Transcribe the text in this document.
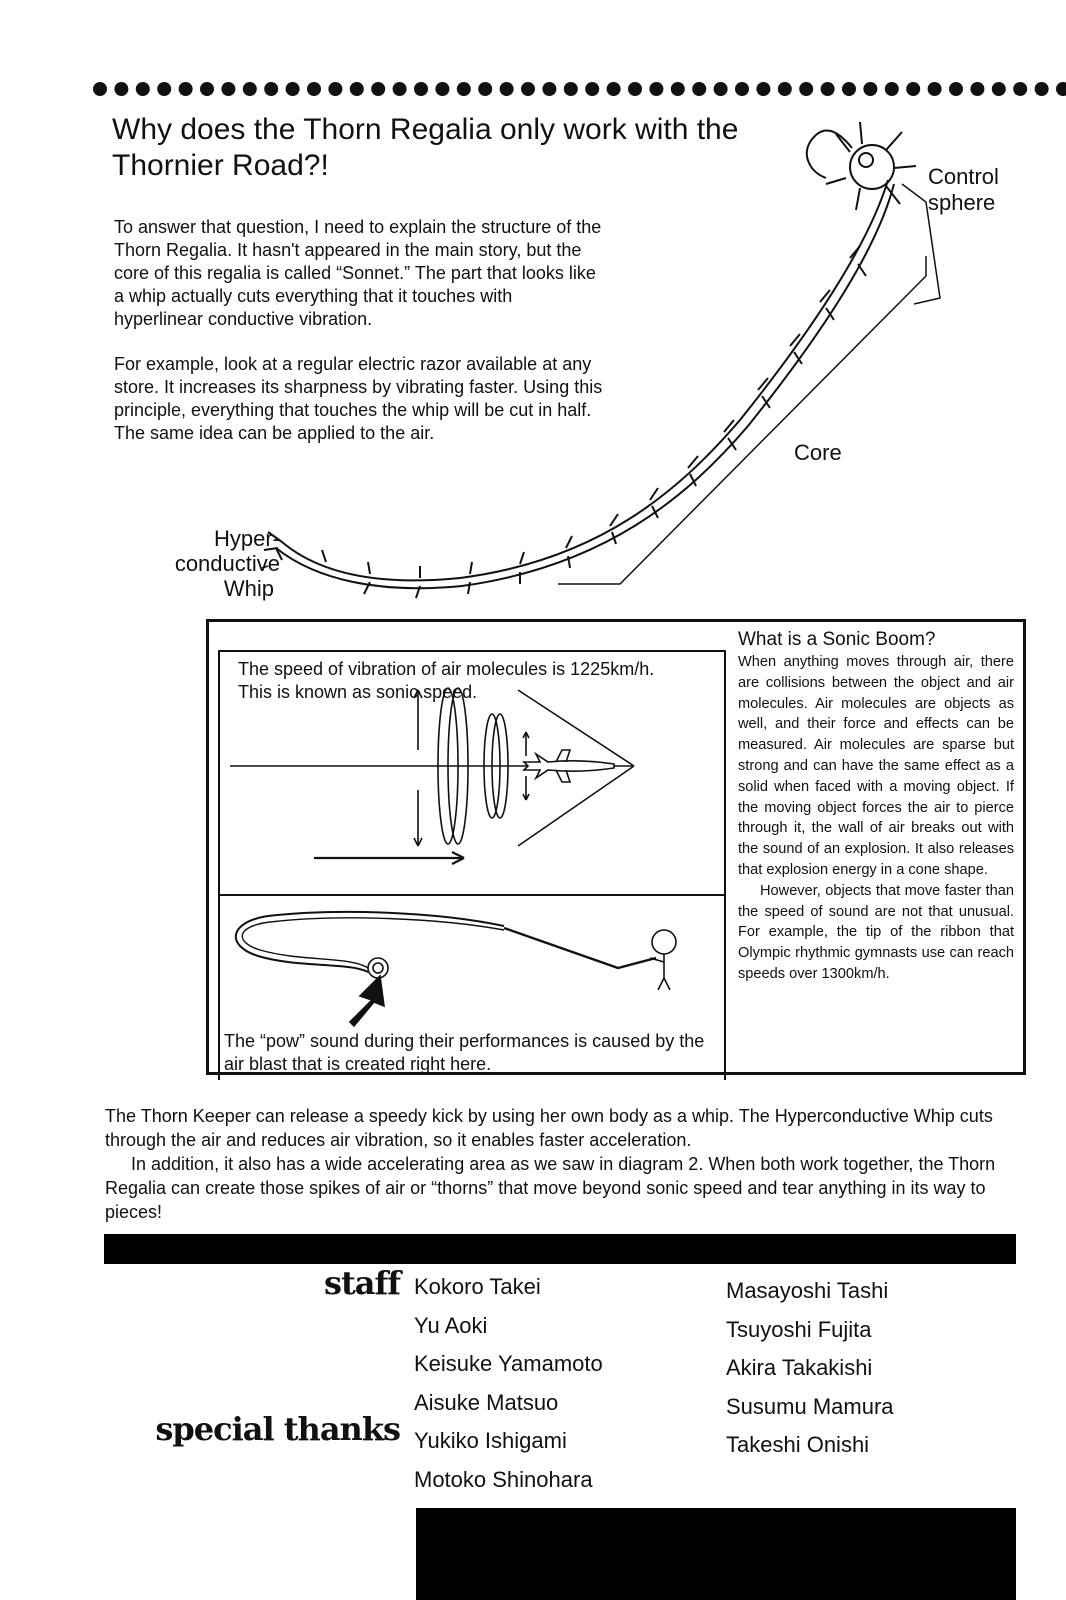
Why does the Thorn Regalia only work with the Thornier Road?!

To answer that question, I need to explain the structure of the Thorn Regalia. It hasn't appeared in the main story, but the core of this regalia is called “Sonnet.” The part that looks like a whip actually cuts everything that it touches with hyperlinear conductive vibration.

For example, look at a regular electric razor available at any store. It increases its sharpness by vibrating faster. Using this principle, everything that touches the whip will be cut in half. The same idea can be applied to the air.

Control sphere
Core
Hyper-
conductive
Whip
The speed of vibration of air molecules is 1225km/h. This is known as sonic speed.
The “pow” sound during their performances is caused by the air blast that is created right here.
What is a Sonic Boom?

When anything moves through air, there are collisions between the object and air molecules. Air molecules are objects as well, and their force and effects can be measured. Air molecules are sparse but strong and can have the same effect as a solid when faced with a moving object. If the moving object forces the air to pierce through it, the wall of air breaks out with the sound of an explosion. It also releases that explosion energy in a cone shape.

However, objects that move faster than the speed of sound are not that unusual. For example, the tip of the ribbon that Olympic rhythmic gymnasts use can reach speeds over 1300km/h.

The Thorn Keeper can release a speedy kick by using her own body as a whip. The Hyperconductive Whip cuts through the air and reduces air vibration, so it enables faster acceleration.

In addition, it also has a wide accelerating area as we saw in diagram 2. When both work together, the Thorn Regalia can create those spikes of air or “thorns” that move beyond sonic speed and tear anything in its way to pieces!

staff
special thanks
Kokoro Takei
Yu Aoki
Keisuke Yamamoto
Aisuke Matsuo
Yukiko Ishigami
Motoko Shinohara
Masayoshi Tashi
Tsuyoshi Fujita
Akira Takakishi
Susumu Mamura
Takeshi Onishi
